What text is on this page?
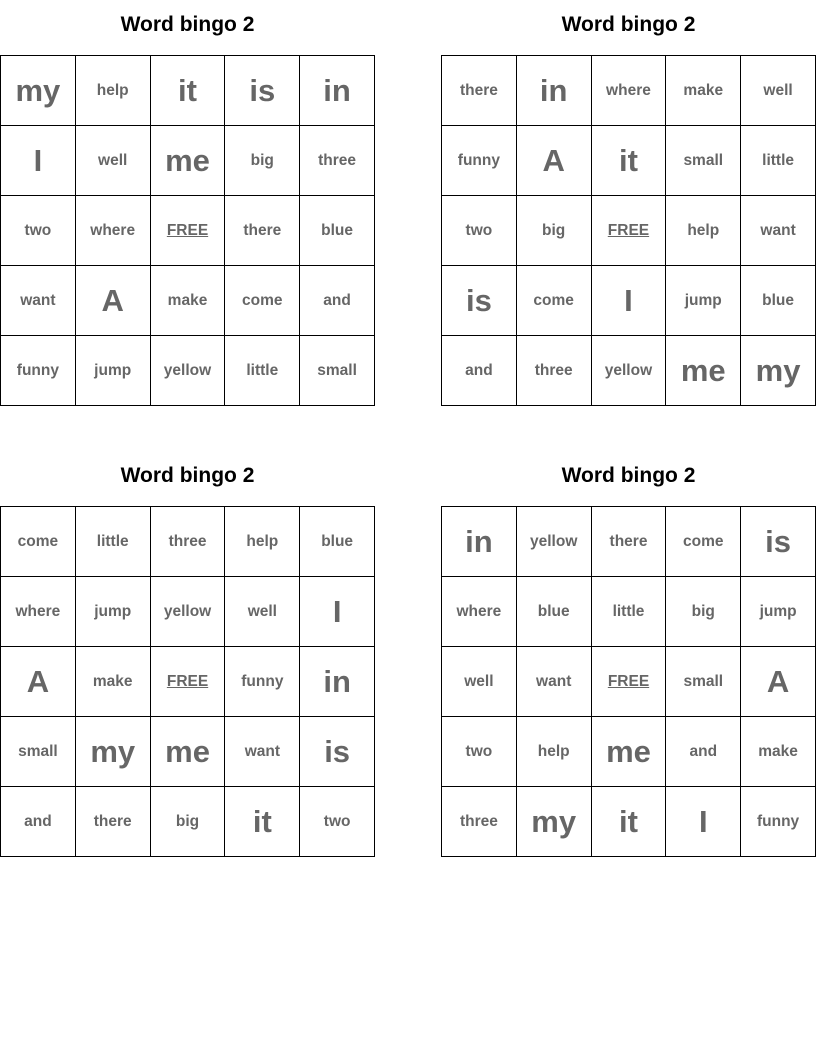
Word bingo 2
my	help	it	is	in
I	well	me	big	three
two	where	FREE	there	blue
want	A	make	come	and
funny	jump	yellow	little	small
Word bingo 2
there	in	where	make	well
funny	A	it	small	little
two	big	FREE	help	want
is	come	I	jump	blue
and	three	yellow	me	my
Word bingo 2
come	little	three	help	blue
where	jump	yellow	well	I
A	make	FREE	funny	in
small	my	me	want	is
and	there	big	it	two
Word bingo 2
in	yellow	there	come	is
where	blue	little	big	jump
well	want	FREE	small	A
two	help	me	and	make
three	my	it	I	funny
